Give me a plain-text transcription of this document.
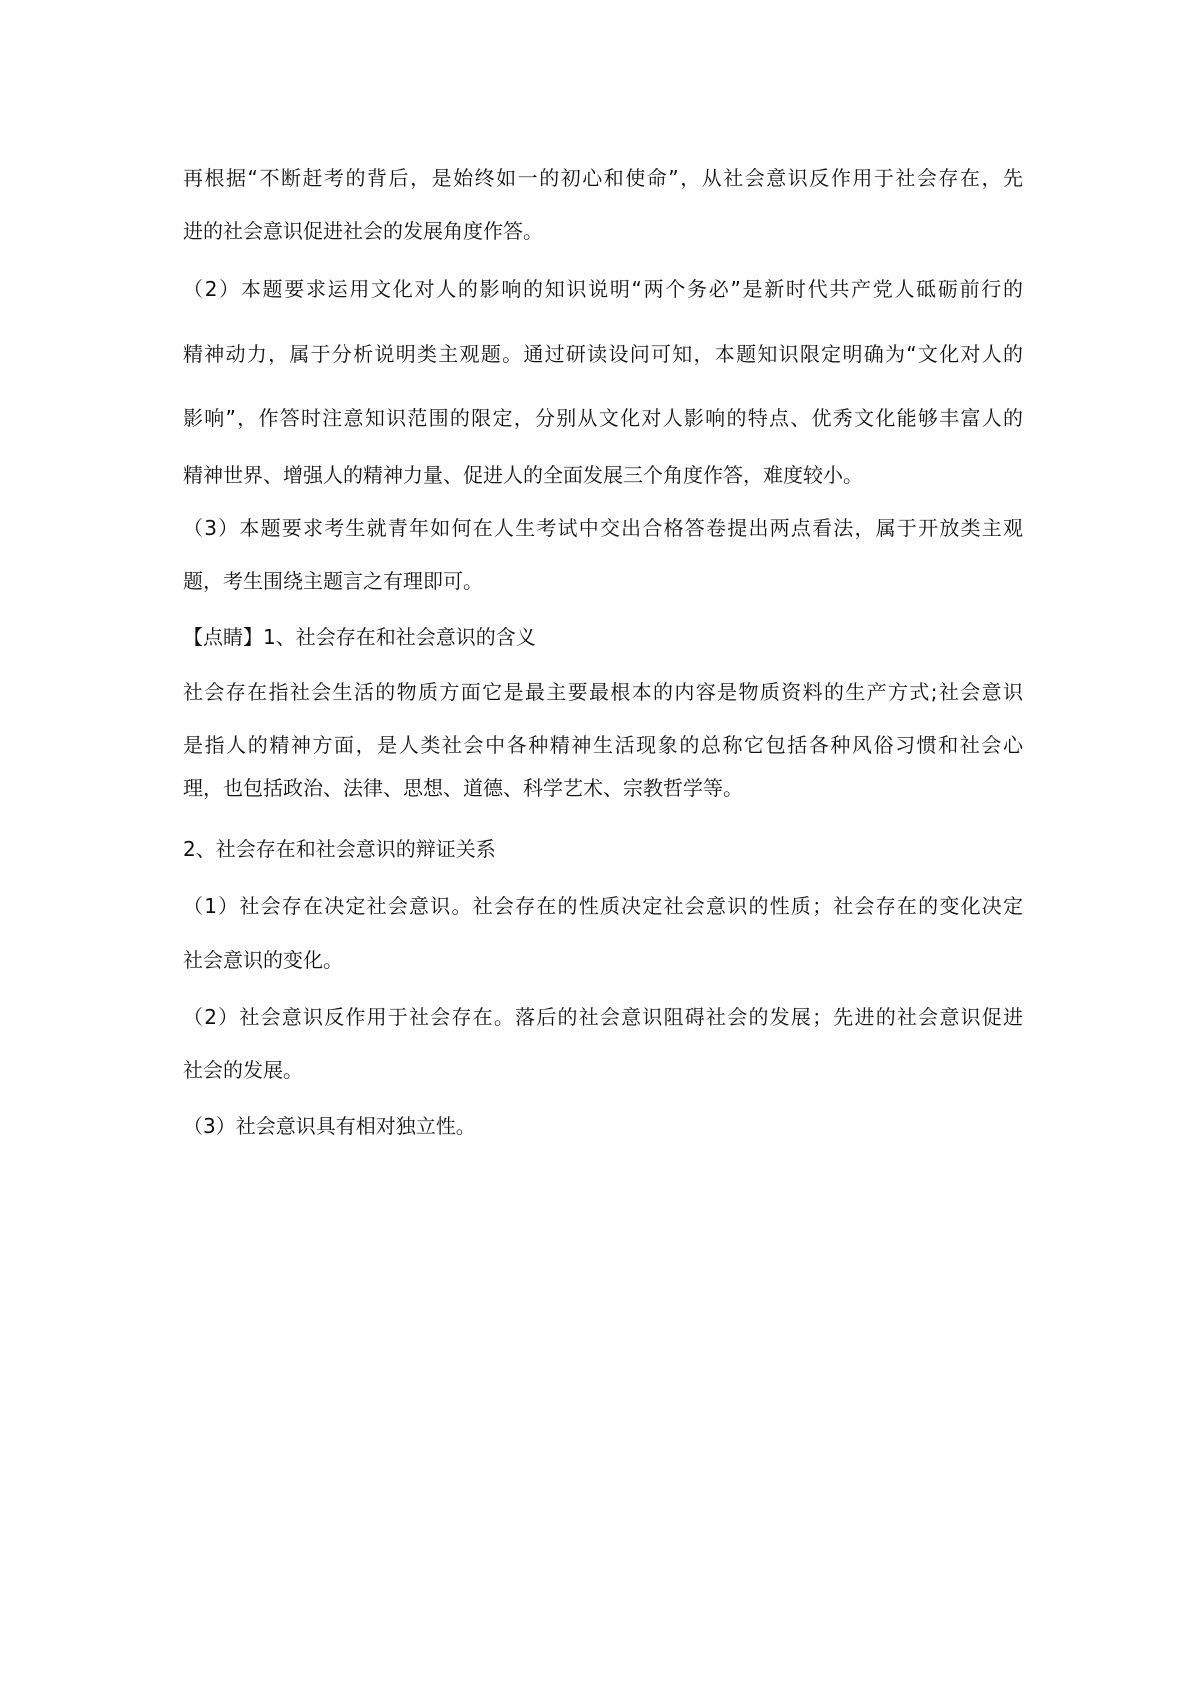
再根据“不断赶考的背后，是始终如一的初心和使命”，从社会意识反作用于社会存在，先
进的社会意识促进社会的发展角度作答。
（2）本题要求运用文化对人的影响的知识说明“两个务必”是新时代共产党人砥砺前行的
精神动力，属于分析说明类主观题。通过研读设问可知，本题知识限定明确为“文化对人的
影响”，作答时注意知识范围的限定，分别从文化对人影响的特点、优秀文化能够丰富人的
精神世界、增强人的精神力量、促进人的全面发展三个角度作答，难度较小。
（3）本题要求考生就青年如何在人生考试中交出合格答卷提出两点看法，属于开放类主观
题，考生围绕主题言之有理即可。
【点睛】1、社会存在和社会意识的含义
社会存在指社会生活的物质方面它是最主要最根本的内容是物质资料的生产方式;社会意识
是指人的精神方面，是人类社会中各种精神生活现象的总称它包括各种风俗习惯和社会心
理，也包括政治、法律、思想、道德、科学艺术、宗教哲学等。
2、社会存在和社会意识的辩证关系
（1）社会存在决定社会意识。社会存在的性质决定社会意识的性质；社会存在的变化决定
社会意识的变化。
（2）社会意识反作用于社会存在。落后的社会意识阻碍社会的发展；先进的社会意识促进
社会的发展。
（3）社会意识具有相对独立性。
